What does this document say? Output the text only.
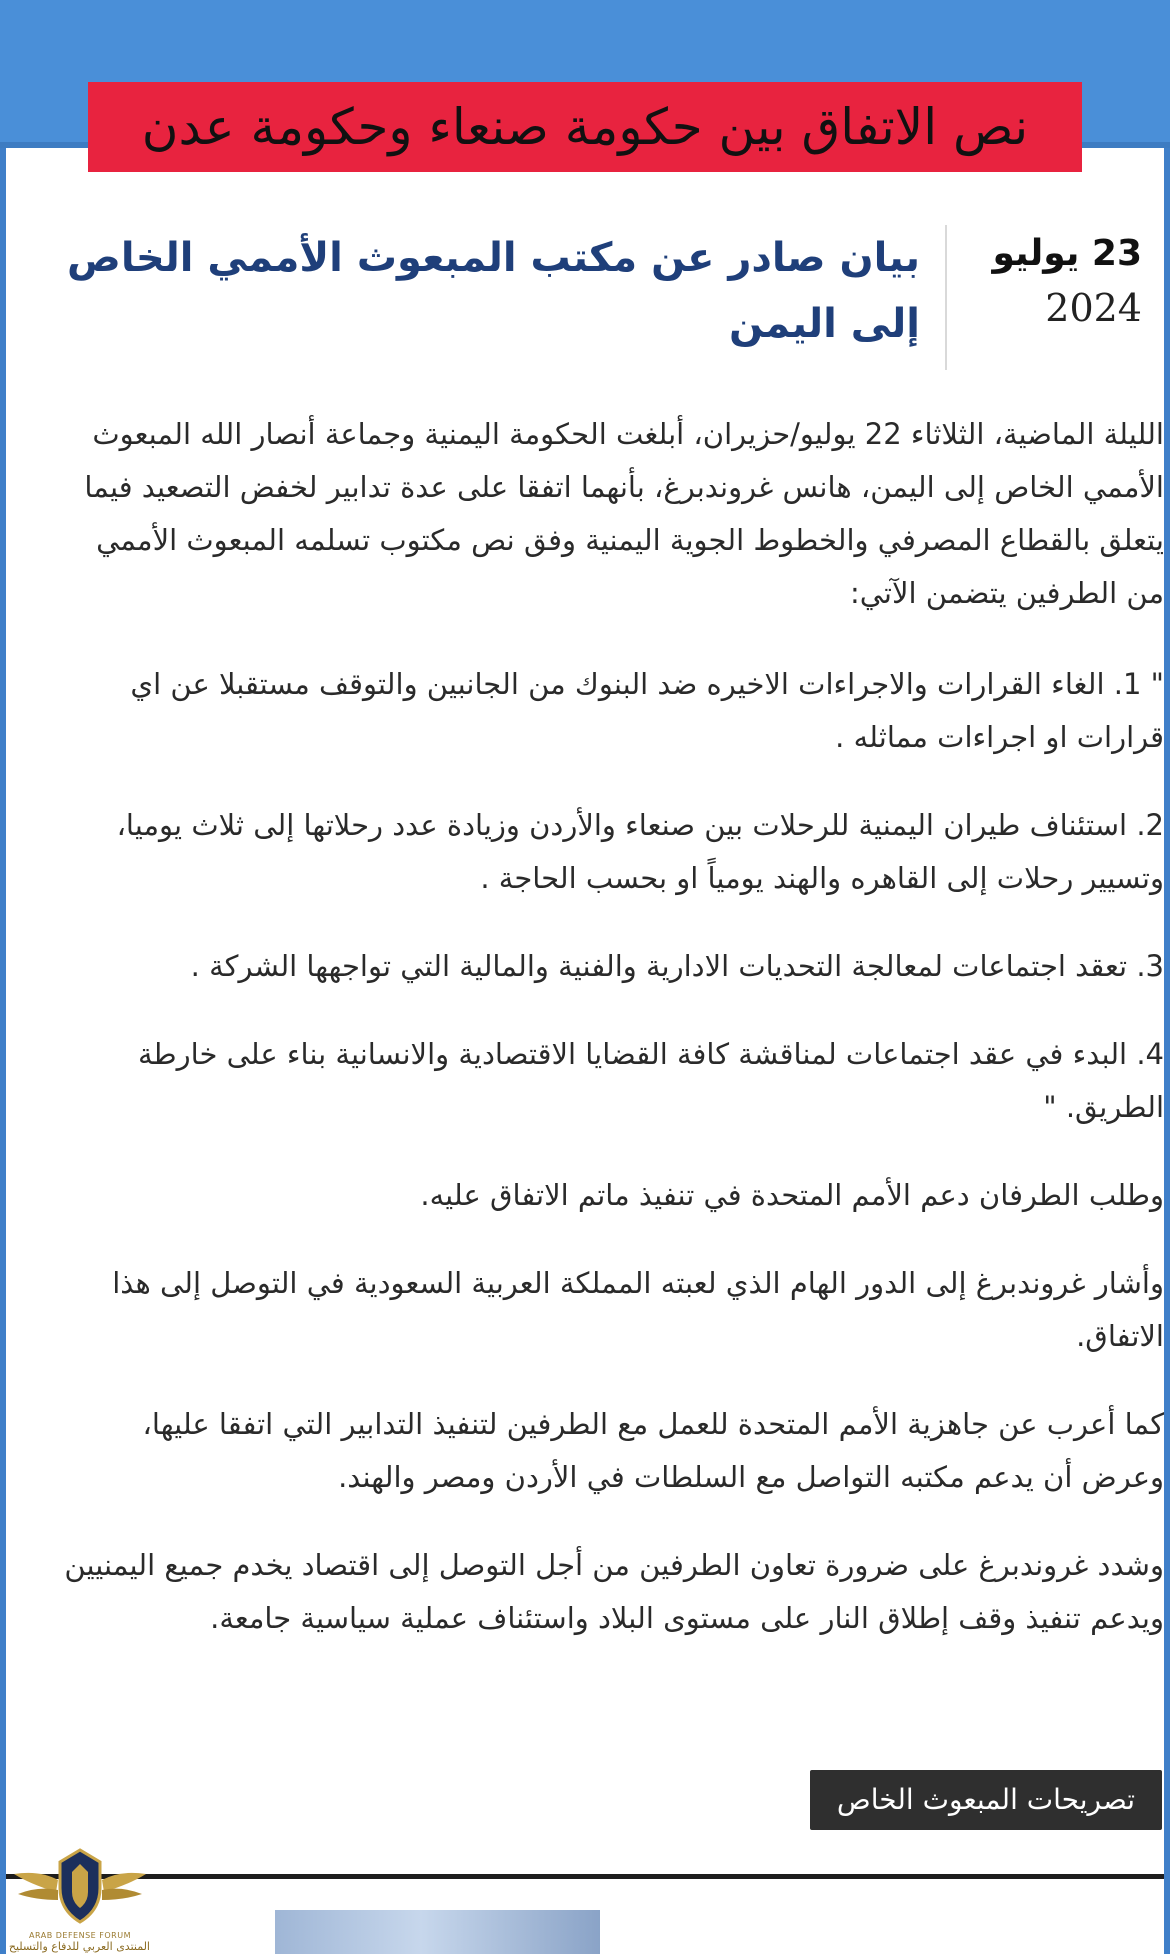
نص الاتفاق بين حكومة صنعاء وحكومة عدن
23 يوليو
2024
بيان صادر عن مكتب المبعوث الأممي الخاص إلى اليمن

الليلة الماضية، الثلاثاء 22 يوليو/حزيران، أبلغت الحكومة اليمنية وجماعة أنصار الله المبعوث الأممي الخاص إلى اليمن، هانس غروندبرغ، بأنهما اتفقا على عدة تدابير لخفض التصعيد فيما يتعلق بالقطاع المصرفي والخطوط الجوية اليمنية وفق نص مكتوب تسلمه المبعوث الأممي من الطرفين يتضمن الآتي:

" 1. الغاء القرارات والاجراءات الاخيره ضد البنوك من الجانبين والتوقف مستقبلا عن اي قرارات او اجراءات مماثله .

2. استئناف طيران اليمنية للرحلات بين صنعاء والأردن وزيادة عدد رحلاتها إلى ثلاث يوميا، وتسيير رحلات إلى القاهره والهند يومياً او بحسب الحاجة .

3. تعقد اجتماعات لمعالجة التحديات الادارية والفنية والمالية التي تواجهها الشركة .

4. البدء في عقد اجتماعات لمناقشة كافة القضايا الاقتصادية والانسانية بناء على خارطة الطريق. "

وطلب الطرفان دعم الأمم المتحدة في تنفيذ ماتم الاتفاق عليه.

وأشار غروندبرغ إلى الدور الهام الذي لعبته المملكة العربية السعودية في التوصل إلى هذا الاتفاق.

كما أعرب عن جاهزية الأمم المتحدة للعمل مع الطرفين لتنفيذ التدابير التي اتفقا عليها، وعرض أن يدعم مكتبه التواصل مع السلطات في الأردن ومصر والهند.

وشدد غروندبرغ على ضرورة تعاون الطرفين من أجل التوصل إلى اقتصاد يخدم جميع اليمنيين ويدعم تنفيذ وقف إطلاق النار على مستوى البلاد واستئناف عملية سياسية جامعة.

تصريحات المبعوث الخاص
ARAB DEFENSE FORUM
المنتدى العربي للدفاع والتسليح
